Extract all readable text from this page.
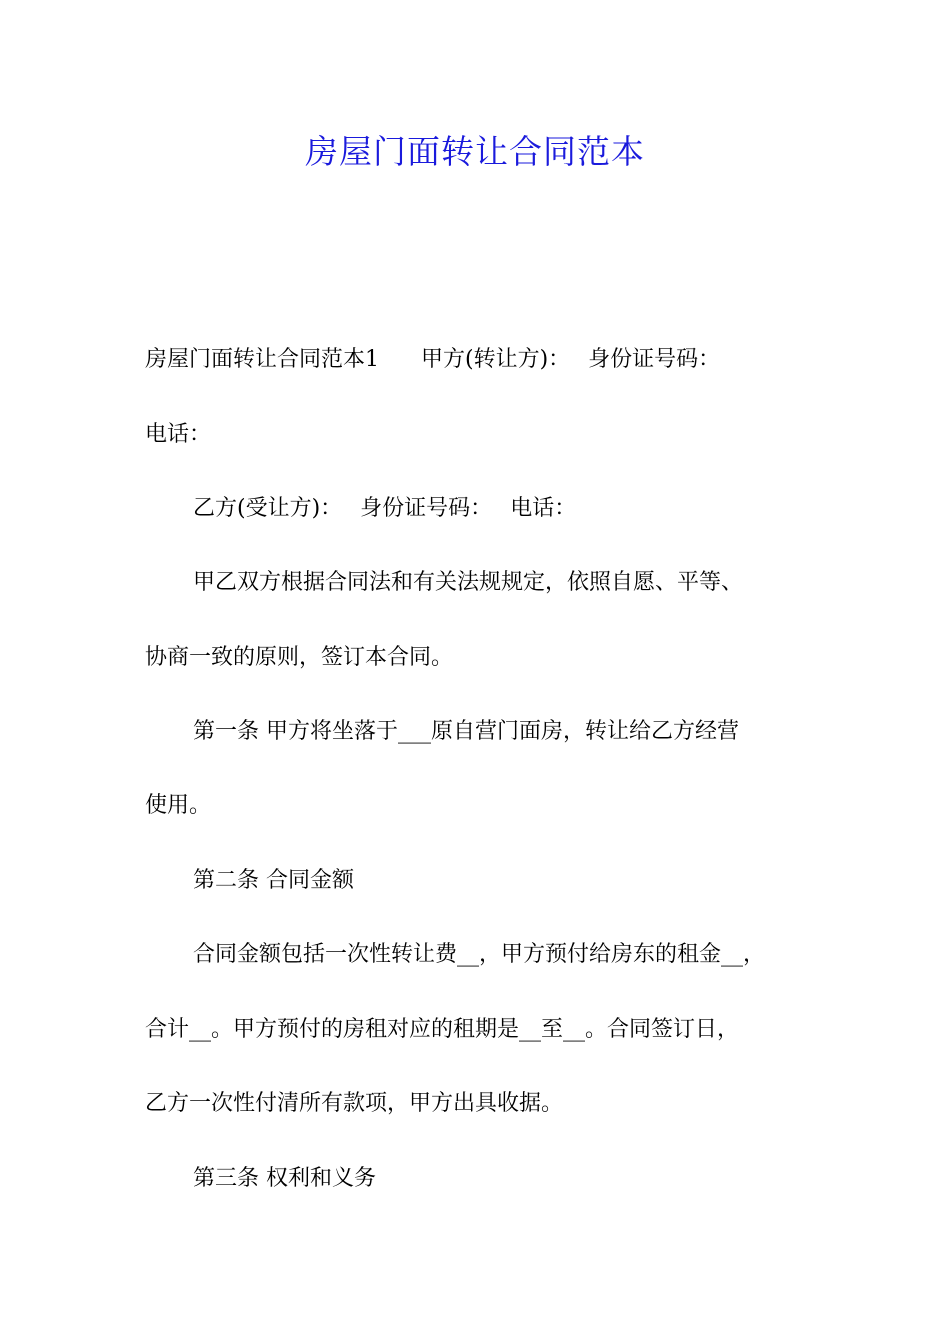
房屋门面转让合同范本
房屋门面转让合同范本1 甲方(转让方)： 身份证号码：
电话：
乙方(受让方)： 身份证号码： 电话：
甲乙双方根据合同法和有关法规规定，依照自愿、平等、
协商一致的原则，签订本合同。
第一条 甲方将坐落于___原自营门面房，转让给乙方经营
使用。
第二条 合同金额
合同金额包括一次性转让费__，甲方预付给房东的租金__，
合计__。甲方预付的房租对应的租期是__至__。合同签订日，
乙方一次性付清所有款项，甲方出具收据。
第三条 权利和义务
